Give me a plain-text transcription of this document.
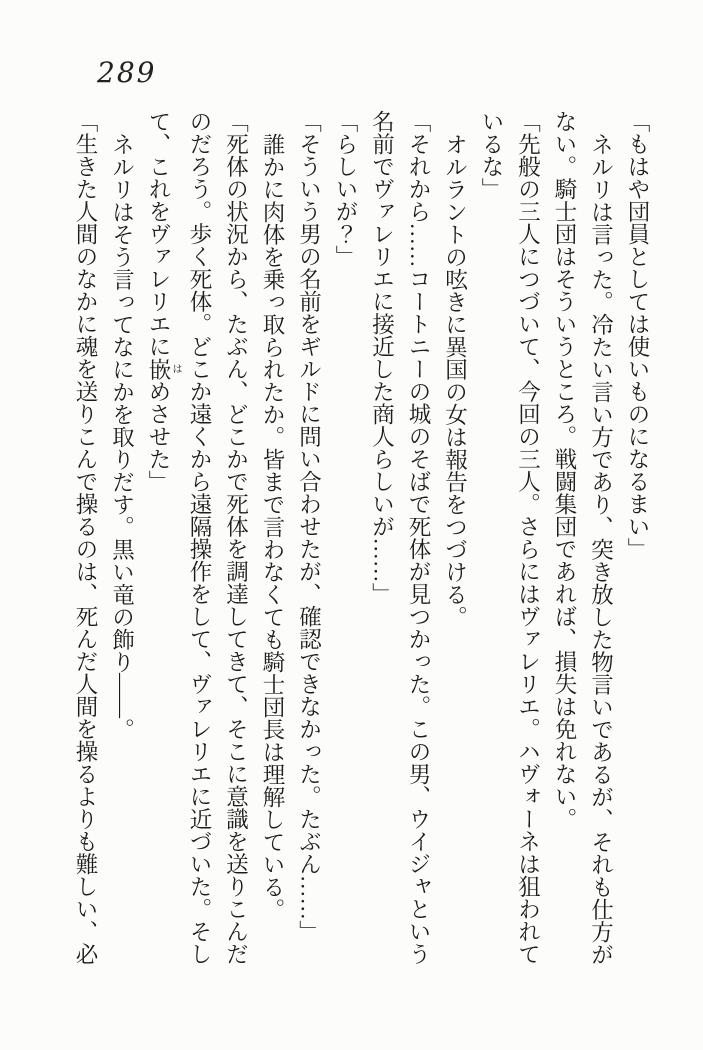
289
「もはや団員としては使いものになるまい」
ネルリは言った。冷たい言い方であり、突き放した物言いであるが、それも仕方が
ない。騎士団はそういうところ。戦闘集団であれば、損失は免れない。
「先般の三人につづいて、今回の三人。さらにはヴァレリエ。ハヴォーネは狙われて
いるな」
オルラントの呟きに異国の女は報告をつづける。
「それから……コートニーの城のそばで死体が見つかった。この男、ウイジャという
名前でヴァレリエに接近した商人らしいが……」
「らしいが？」
「そういう男の名前をギルドに問い合わせたが、確認できなかった。たぶん……」
誰かに肉体を乗っ取られたか。皆まで言わなくても騎士団長は理解している。
「死体の状況から、たぶん、どこかで死体を調達してきて、そこに意識を送りこんだ
のだろう。歩く死体。どこか遠くから遠隔操作をして、ヴァレリエに近づいた。そし
て、これをヴァレリエに嵌 はめさせた」
ネルリはそう言ってなにかを取りだす。黒い竜の飾り――。
「生きた人間のなかに魂を送りこんで操るのは、死んだ人間を操るよりも難しい、必
